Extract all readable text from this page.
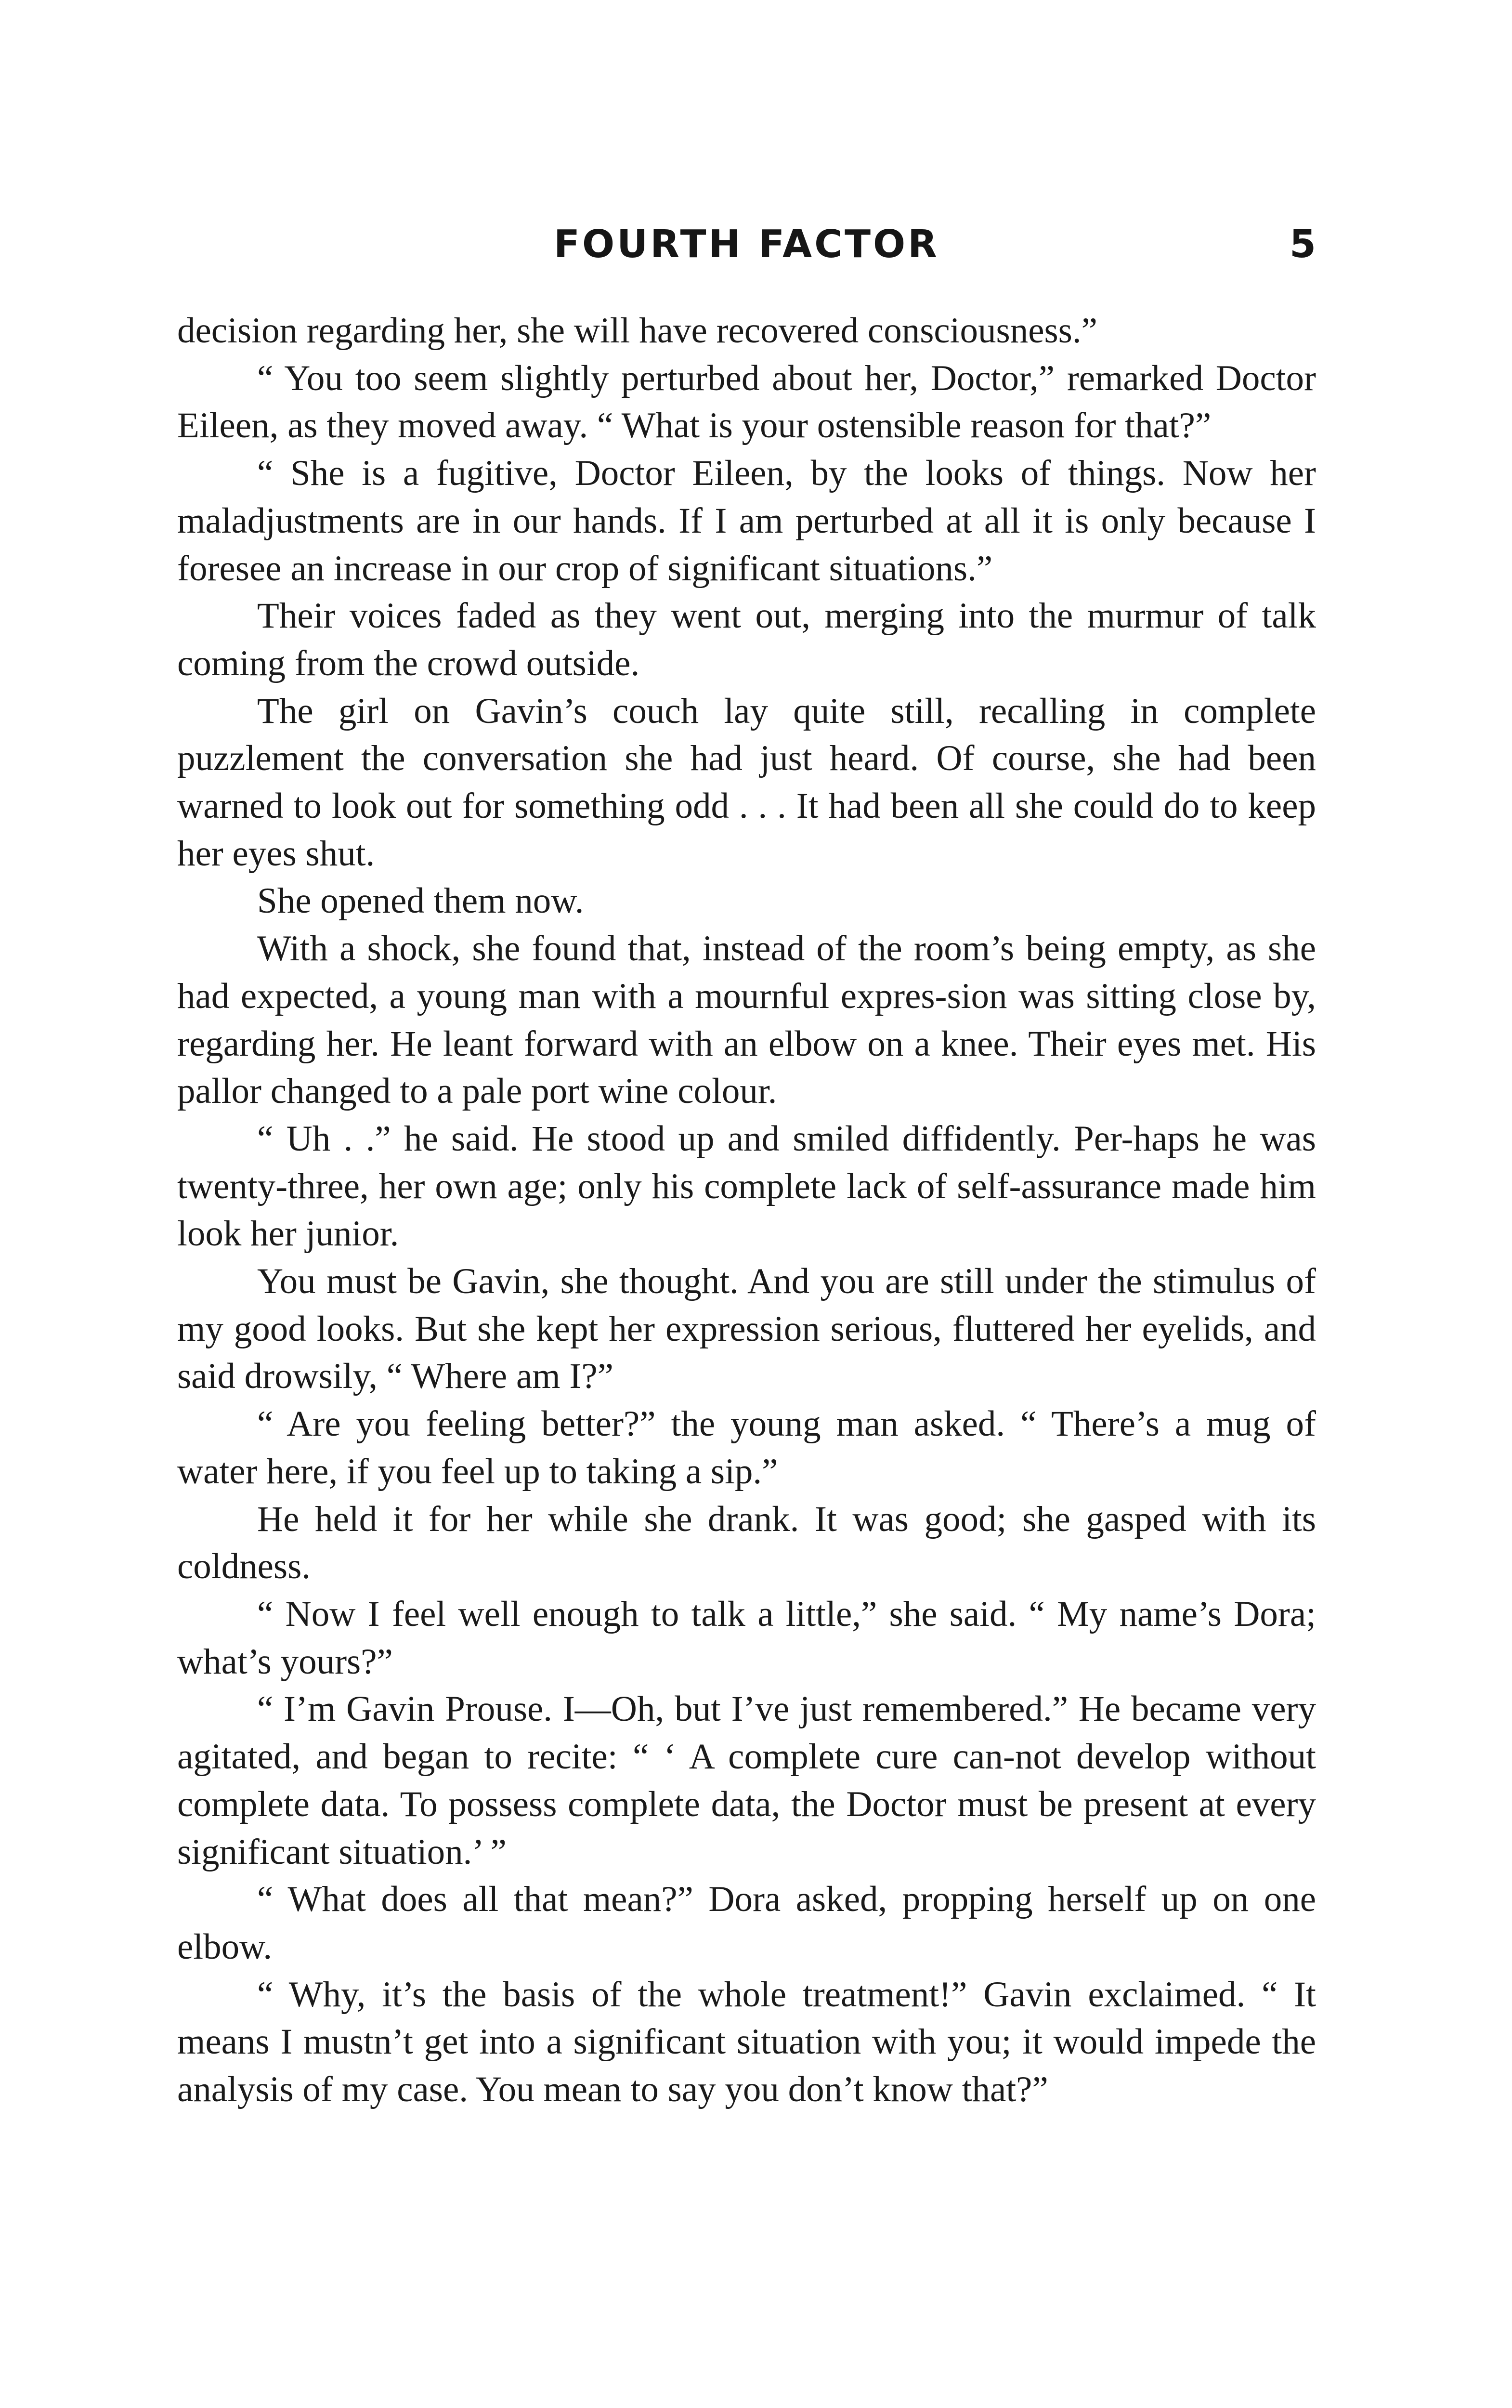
FOURTH FACTOR	5

decision regarding her, she will have recovered consciousness.”

“ You too seem slightly perturbed about her, Doctor,” remarked Doctor Eileen, as they moved away. “ What is your ostensible reason for that?”

“ She is a fugitive, Doctor Eileen, by the looks of things. Now her maladjustments are in our hands. If I am perturbed at all it is only because I foresee an increase in our crop of significant situations.”

Their voices faded as they went out, merging into the murmur of talk coming from the crowd outside.

The girl on Gavin’s couch lay quite still, recalling in complete puzzlement the conversation she had just heard. Of course, she had been warned to look out for something odd . . . It had been all she could do to keep her eyes shut.

She opened them now.

With a shock, she found that, instead of the room’s being empty, as she had expected, a young man with a mournful expres-sion was sitting close by, regarding her. He leant forward with an elbow on a knee. Their eyes met. His pallor changed to a pale port wine colour.

“ Uh . .” he said. He stood up and smiled diffidently. Per-haps he was twenty-three, her own age; only his complete lack of self-assurance made him look her junior.

You must be Gavin, she thought. And you are still under the stimulus of my good looks. But she kept her expression serious, fluttered her eyelids, and said drowsily, “ Where am I?”

“ Are you feeling better?” the young man asked. “ There’s a mug of water here, if you feel up to taking a sip.”

He held it for her while she drank. It was good; she gasped with its coldness.

“ Now I feel well enough to talk a little,” she said. “ My name’s Dora; what’s yours?”

“ I’m Gavin Prouse. I—Oh, but I’ve just remembered.” He became very agitated, and began to recite: “ ‘ A complete cure can-not develop without complete data. To possess complete data, the Doctor must be present at every significant situation.’ ”

“ What does all that mean?” Dora asked, propping herself up on one elbow.

“ Why, it’s the basis of the whole treatment!” Gavin exclaimed. “ It means I mustn’t get into a significant situation with you; it would impede the analysis of my case. You mean to say you don’t know that?”
